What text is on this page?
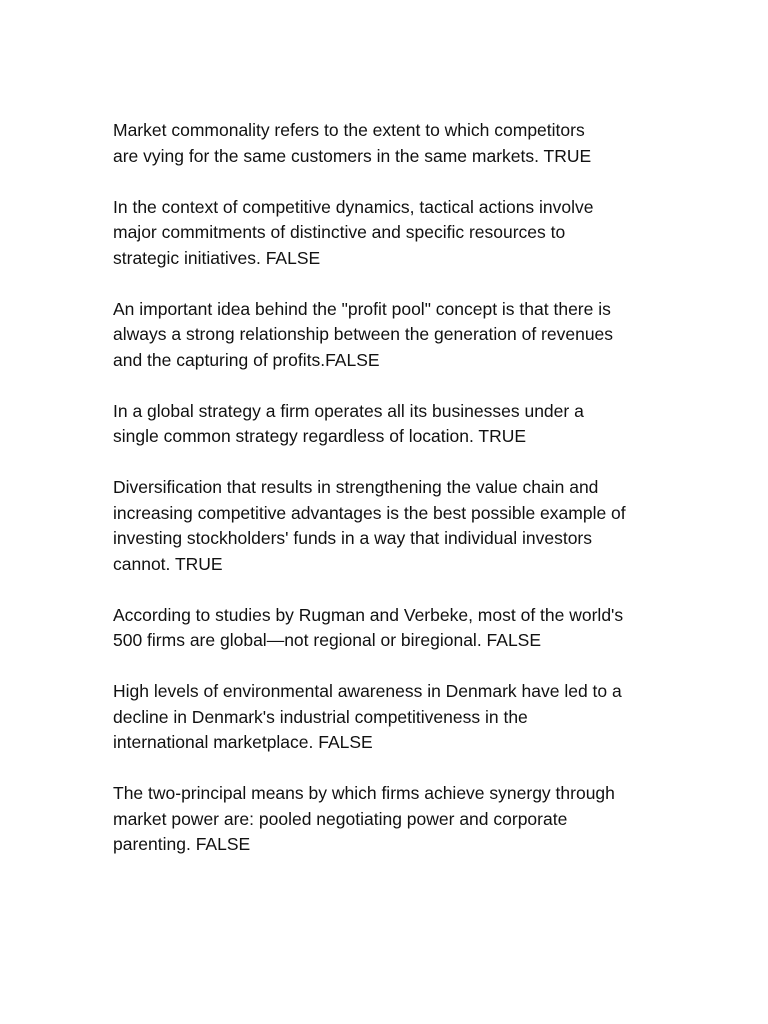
Market commonality refers to the extent to which competitors
are vying for the same customers in the same markets. TRUE

In the context of competitive dynamics, tactical actions involve
major commitments of distinctive and specific resources to
strategic initiatives. FALSE

An important idea behind the "profit pool" concept is that there is
always a strong relationship between the generation of revenues
and the capturing of profits.FALSE

In a global strategy a firm operates all its businesses under a
single common strategy regardless of location. TRUE

Diversification that results in strengthening the value chain and
increasing competitive advantages is the best possible example of
investing stockholders' funds in a way that individual investors
cannot. TRUE

According to studies by Rugman and Verbeke, most of the world's
500 firms are global—not regional or biregional. FALSE

High levels of environmental awareness in Denmark have led to a
decline in Denmark's industrial competitiveness in the
international marketplace. FALSE

The two-principal means by which firms achieve synergy through
market power are: pooled negotiating power and corporate
parenting. FALSE
